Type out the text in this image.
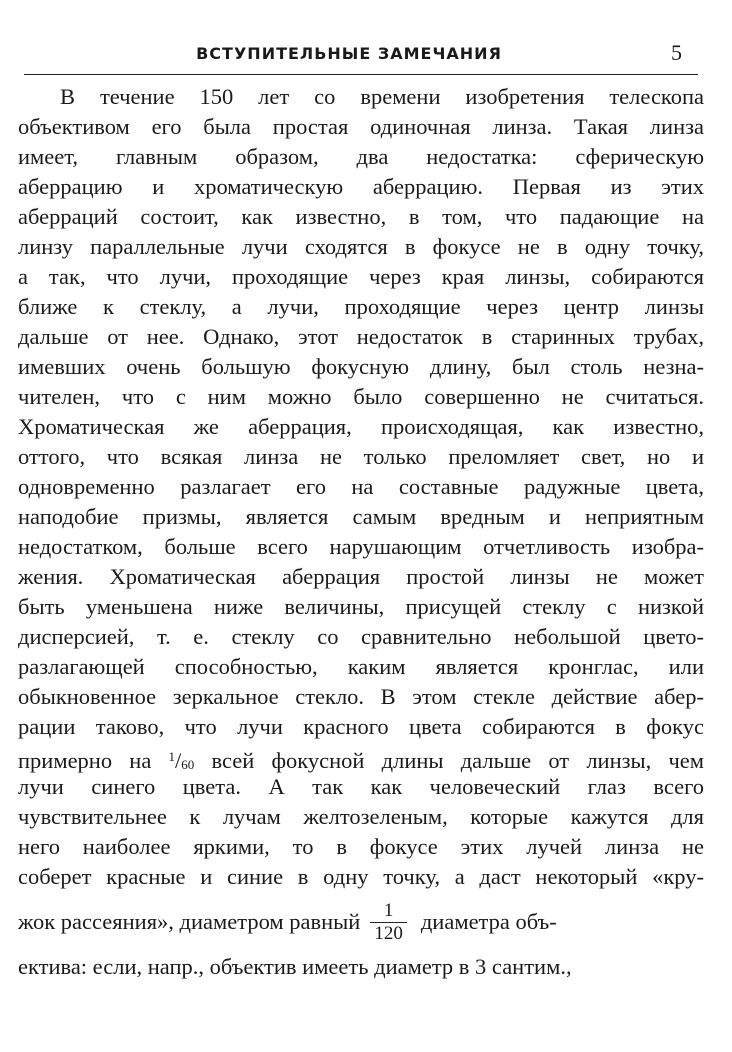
ВСТУПИТЕЛЬНЫЕ ЗАМЕЧАНИЯ	5
В течение 150 лет со времени изобретения телескопа
объективом его была простая одиночная линза. Такая линза
имеет, главным образом, два недостатка: сферическую
аберрацию и хроматическую аберрацию. Первая из этих
аберраций состоит, как известно, в том, что падающие на
линзу параллельные лучи сходятся в фокусе не в одну точку,
а так, что лучи, проходящие через края линзы, собираются
ближе к стеклу, а лучи, проходящие через центр линзы
дальше от нее. Однако, этот недостаток в старинных трубах,
имевших очень большую фокусную длину, был столь незна-
чителен, что с ним можно было совершенно не считаться.
Хроматическая же аберрация, происходящая, как известно,
оттого, что всякая линза не только преломляет свет, но и
одновременно разлагает его на составные радужные цвета,
наподобие призмы, является самым вредным и неприятным
недостатком, больше всего нарушающим отчетливость изобра-
жения. Хроматическая аберрация простой линзы не может
быть уменьшена ниже величины, присущей стеклу с низкой
дисперсией, т. е. стеклу со сравнительно небольшой цвето-
разлагающей способностью, каким является кронглас, или
обыкновенное зеркальное стекло. В этом стекле действие абер-
рации таково, что лучи красного цвета собираются в фокус
примерно на $^1$/60 всей фокусной длины дальше от линзы, чем
лучи синего цвета. А так как человеческий глаз всего
чувствительнее к лучам желтозеленым, которые кажутся для
него наиболее яркими, то в фокусе этих лучей линза не
соберет красные и синие в одну точку, а даст некоторый «кру-
жок рассеяния», диаметром равный $\frac{1}{120}$ диаметра объ-
ектива: если, напр., объектив имееть диаметр в 3 сантим.,
